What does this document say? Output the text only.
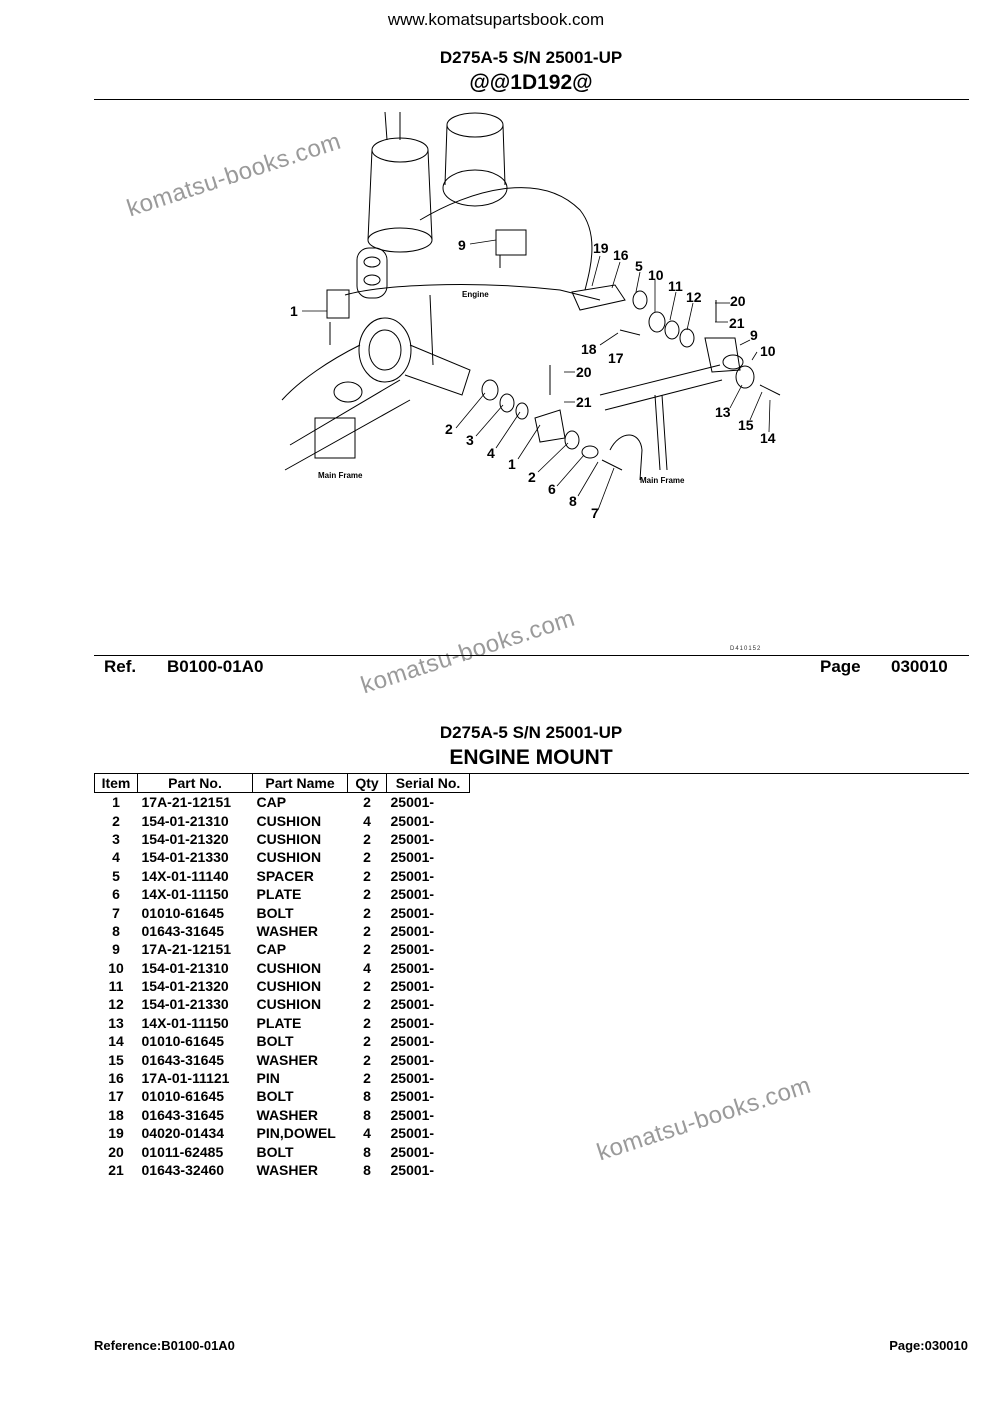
www.komatsupartsbook.com
D275A-5 S/N 25001-UP
@@1D192@
Engine
Main Frame
Main Frame
1
2
3
4
1
2
6
8
7
9	19 16
5
10
11
12 20
21
18
17
20
21
9
10
13
15
14
komatsu-books.com
komatsu-books.com
komatsu-books.com
D410152
Ref. B0100-01A0	Page 030010
D275A-5 S/N 25001-UP
ENGINE MOUNT
Item	Part No.	Part Name	Qty	Serial No.
1	17A-21-12151	CAP	2	25001-
2	154-01-21310	CUSHION	4	25001-
3	154-01-21320	CUSHION	2	25001-
4	154-01-21330	CUSHION	2	25001-
5	14X-01-11140	SPACER	2	25001-
6	14X-01-11150	PLATE	2	25001-
7	01010-61645	BOLT	2	25001-
8	01643-31645	WASHER	2	25001-
9	17A-21-12151	CAP	2	25001-
10	154-01-21310	CUSHION	4	25001-
11	154-01-21320	CUSHION	2	25001-
12	154-01-21330	CUSHION	2	25001-
13	14X-01-11150	PLATE	2	25001-
14	01010-61645	BOLT	2	25001-
15	01643-31645	WASHER	2	25001-
16	17A-01-11121	PIN	2	25001-
17	01010-61645	BOLT	8	25001-
18	01643-31645	WASHER	8	25001-
19	04020-01434	PIN,DOWEL	4	25001-
20	01011-62485	BOLT	8	25001-
21	01643-32460	WASHER	8	25001-
Reference:B0100-01A0	Page:030010
